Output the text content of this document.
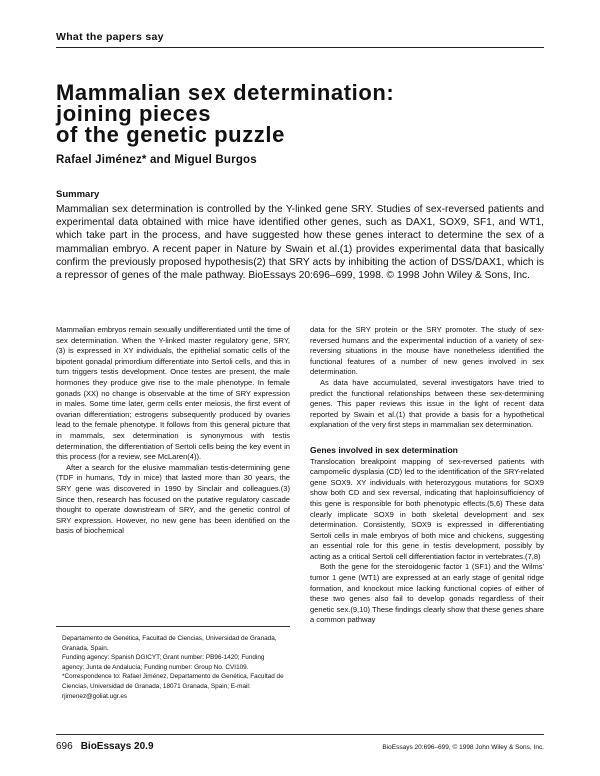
What the papers say
Mammalian sex determination:
joining pieces
of the genetic puzzle
Rafael Jiménez* and Miguel Burgos
Summary

Mammalian sex determination is controlled by the Y-linked gene SRY. Studies of sex-reversed patients and experimental data obtained with mice have identified other genes, such as DAX1, SOX9, SF1, and WT1, which take part in the process, and have suggested how these genes interact to determine the sex of a mammalian embryo. A recent paper in Nature by Swain et al.(1) provides experimental data that basically confirm the previously proposed hypothesis(2) that SRY acts by inhibiting the action of DSS/DAX1, which is a repressor of genes of the male pathway. BioEssays 20:696–699, 1998. © 1998 John Wiley & Sons, Inc.

Mammalian embryos remain sexually undifferentiated until the time of sex determination. When the Y-linked master regulatory gene, SRY,(3) is expressed in XY individuals, the epithelial somatic cells of the bipotent gonadal primordium differentiate into Sertoli cells, and this in turn triggers testis development. Once testes are present, the male hormones they produce give rise to the male phenotype. In female gonads (XX) no change is observable at the time of SRY expression in males. Some time later, germ cells enter meiosis, the first event of ovarian differentiation; estrogens subsequently produced by ovaries lead to the female phenotype. It follows from this general picture that in mammals, sex determination is synonymous with testis determination, the differentiation of Sertoli cells being the key event in this process (for a review, see McLaren(4)).

After a search for the elusive mammalian testis-determining gene (TDF in humans, Tdy in mice) that lasted more than 30 years, the SRY gene was discovered in 1990 by Sinclair and colleagues.(3) Since then, research has focused on the putative regulatory cascade thought to operate downstream of SRY, and the genetic control of SRY expression. However, no new gene has been identified on the basis of biochemical

data for the SRY protein or the SRY promoter. The study of sex-reversed humans and the experimental induction of a variety of sex-reversing situations in the mouse have nonetheless identified the functional features of a number of new genes involved in sex determination.

As data have accumulated, several investigators have tried to predict the functional relationships between these sex-determining genes. This paper reviews this issue in the light of recent data reported by Swain et al.(1) that provide a basis for a hypothetical explanation of the very first steps in mammalian sex determination.

Genes involved in sex determination

Translocation breakpoint mapping of sex-reversed patients with campomelic dysplasia (CD) led to the identification of the SRY-related gene SOX9. XY individuals with heterozygous mutations for SOX9 show both CD and sex reversal, indicating that haploinsufficiency of this gene is responsible for both phenotypic effects.(5,6) These data clearly implicate SOX9 in both skeletal development and sex determination. Consistently, SOX9 is expressed in differentiating Sertoli cells in male embryos of both mice and chickens, suggesting an essential role for this gene in testis development, possibly by acting as a critical Sertoli cell differentiation factor in vertebrates.(7,8)

Both the gene for the steroidogenic factor 1 (SF1) and the Wilms' tumor 1 gene (WT1) are expressed at an early stage of genital ridge formation, and knockout mice lacking functional copies of either of these two genes also fail to develop gonads regardless of their genetic sex.(9,10) These findings clearly show that these genes share a common pathway

Departamento de Genética, Facultad de Ciencias, Universidad de Granada, Granada, Spain.
Funding agency: Spanish DGICYT; Grant number: PB96-1420; Funding agency: Junta de Andalucía; Funding number: Group No. CVI109.
*Correspondence to: Rafael Jiménez, Departamento de Genética, Facultad de Ciencias, Universidad de Granada, 18071 Granada, Spain; E-mail: rjimenez@goliat.ugr.es
696 BioEssays 20.9	BioEssays 20:696–699, © 1998 John Wiley & Sons, Inc.
